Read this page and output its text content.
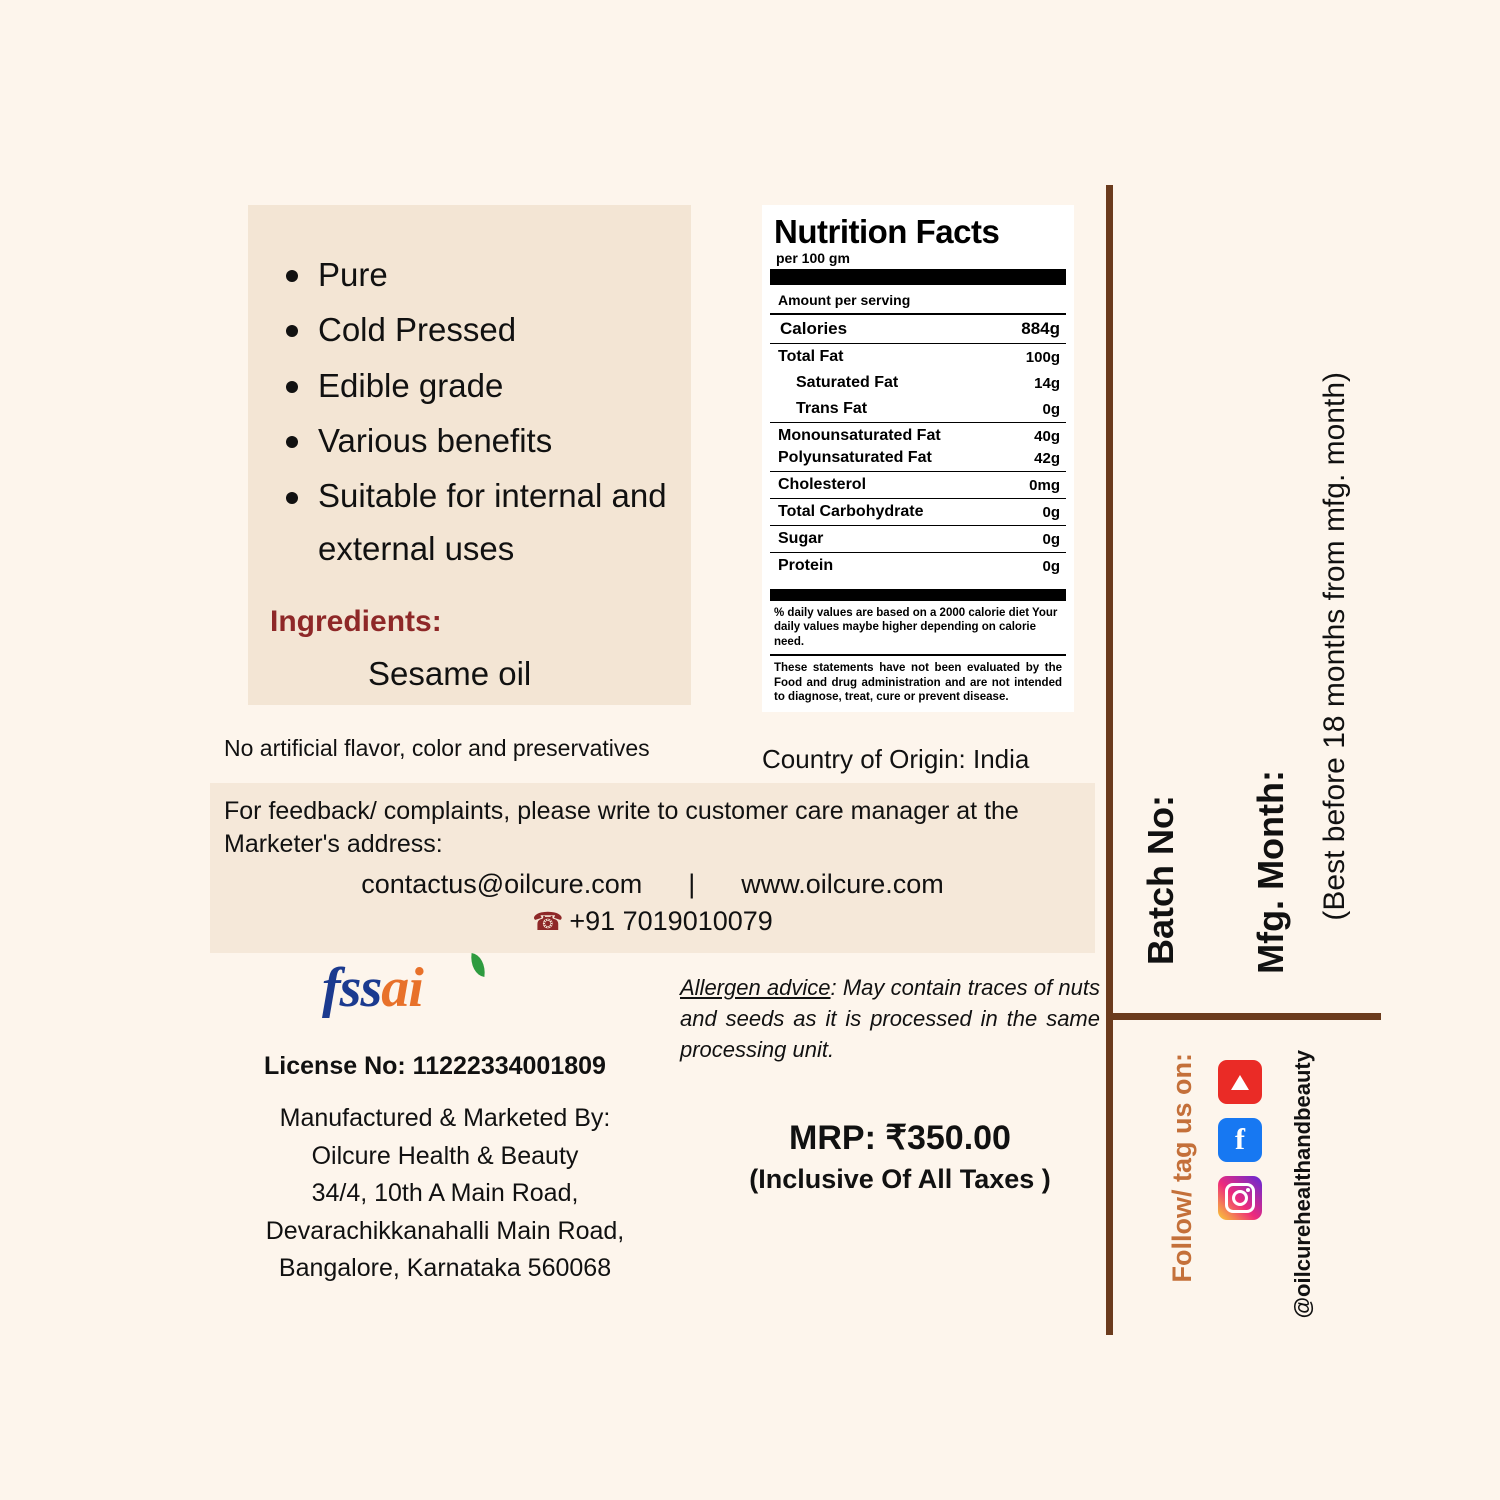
Pure
Cold Pressed
Edible grade
Various benefits
Suitable for internal and external uses
Ingredients:
Sesame oil
Nutrition Facts
per 100 gm
Amount per serving
Calories	884g
Total Fat	100g
Saturated Fat	14g
Trans Fat	0g
Monounsaturated Fat	40g
Polyunsaturated Fat	42g
Cholesterol	0mg
Total Carbohydrate	0g
Sugar	0g
Protein	0g
% daily values are based on a 2000 calorie diet Your daily values maybe higher depending on calorie need.
These statements have not been evaluated by the Food and drug administration and are not intended to diagnose, treat, cure or prevent disease.
No artificial flavor, color and preservatives	Country of Origin: India
For feedback/ complaints, please write to customer care manager at the Marketer's address:
contactus@oilcure.com | www.oilcure.com
☎ +91 7019010079
fssai
License No: 11222334001809
Manufactured & Marketed By:
Oilcure Health & Beauty
34/4, 10th A Main Road,
Devarachikkanahalli Main Road,
Bangalore, Karnataka 560068
Allergen advice: May contain traces of nuts and seeds as it is processed in the same processing unit.
MRP: ₹350.00
(Inclusive Of All Taxes )
Batch No: Mfg. Month: (Best before 18 months from mfg. month)
Follow/ tag us on:	@oilcurehealthandbeauty
f
